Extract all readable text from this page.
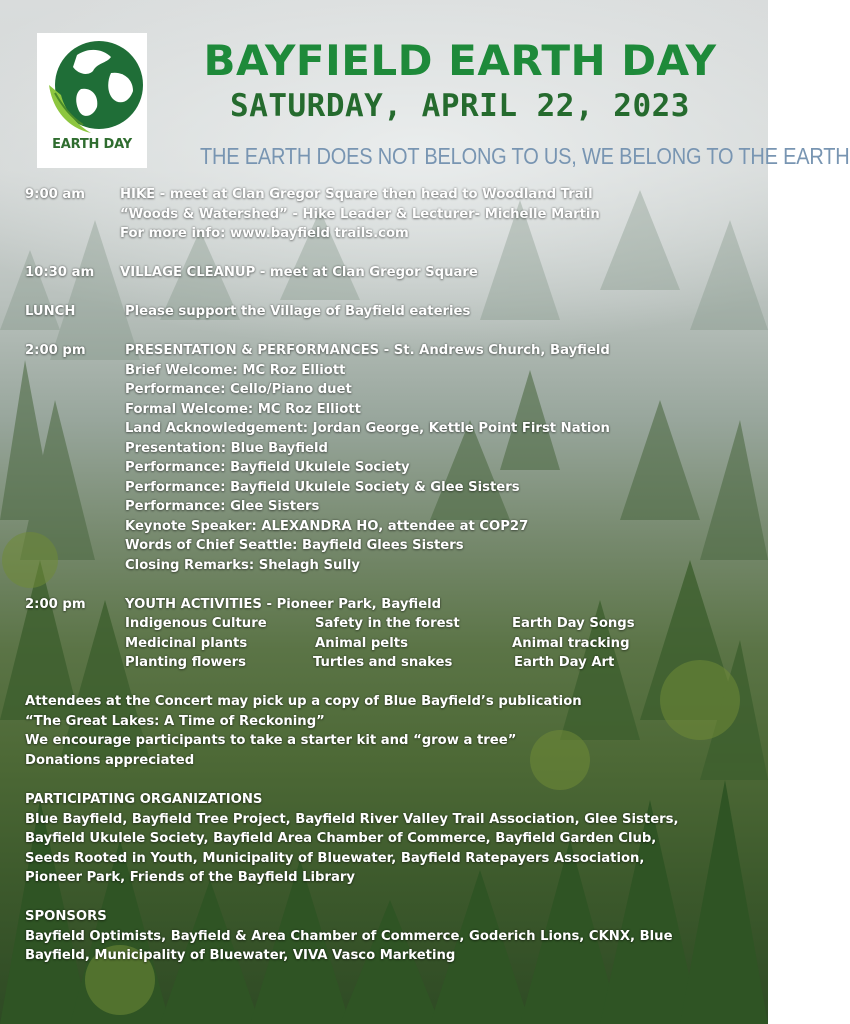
EARTH DAY
BAYFIELD EARTH DAY
SATURDAY, APRIL 22, 2023
THE EARTH DOES NOT BELONG TO US, WE BELONG TO THE EARTH
9:00 am	HIKE - meet at Clan Gregor Square then head to Woodland Trail
“Woods & Watershed” - Hike Leader & Lecturer- Michelle Martin
For more info: www.bayfield trails.com
10:30 am VILLAGE CLEANUP - meet at Clan Gregor Square
LUNCH	Please support the Village of Bayfield eateries
2:00 pm	PRESENTATION & PERFORMANCES - St. Andrews Church, Bayfield
Brief Welcome: MC Roz Elliott
Performance: Cello/Piano duet
Formal Welcome: MC Roz Elliott
Land Acknowledgement: Jordan George, Kettle Point First Nation
Presentation: Blue Bayfield
Performance: Bayfield Ukulele Society
Performance: Bayfield Ukulele Society & Glee Sisters
Performance: Glee Sisters
Keynote Speaker: ALEXANDRA HO, attendee at COP27
Words of Chief Seattle: Bayfield Glees Sisters
Closing Remarks: Shelagh Sully
2:00 pm	YOUTH ACTIVITIES - Pioneer Park, Bayfield
Indigenous Culture	Safety in the forest	Earth Day Songs
Medicinal plants	Animal pelts	Animal tracking
Planting flowers	Turtles and snakes	Earth Day Art
Attendees at the Concert may pick up a copy of Blue Bayfield’s publication
“The Great Lakes: A Time of Reckoning”
We encourage participants to take a starter kit and “grow a tree”
Donations appreciated
PARTICIPATING ORGANIZATIONS
Blue Bayfield, Bayfield Tree Project, Bayfield River Valley Trail Association, Glee Sisters,
Bayfield Ukulele Society, Bayfield Area Chamber of Commerce, Bayfield Garden Club,
Seeds Rooted in Youth, Municipality of Bluewater, Bayfield Ratepayers Association,
Pioneer Park, Friends of the Bayfield Library
SPONSORS
Bayfield Optimists, Bayfield & Area Chamber of Commerce, Goderich Lions, CKNX, Blue
Bayfield, Municipality of Bluewater, VIVA Vasco Marketing
